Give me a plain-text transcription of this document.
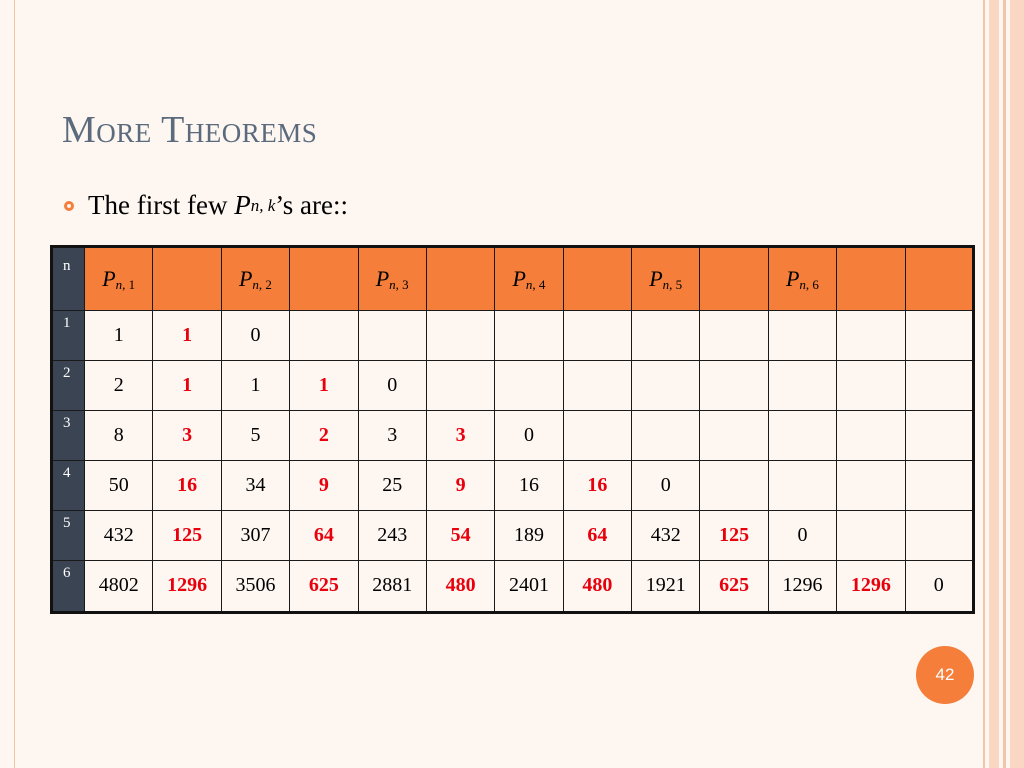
More Theorems
The first few P n, k ’s are::
n	$P_{n, 1}$		$P_{n, 2}$		$P_{n, 3}$		$P_{n, 4}$		$P_{n, 5}$		$P_{n, 6}$		
1	1	1	0										
2	2	1	1	1	0								
3	8	3	5	2	3	3	0						
4	50	16	34	9	25	9	16	16	0				
5	432	125	307	64	243	54	189	64	432	125	0		
6	4802	1296	3506	625	2881	480	2401	480	1921	625	1296	1296	0
42
